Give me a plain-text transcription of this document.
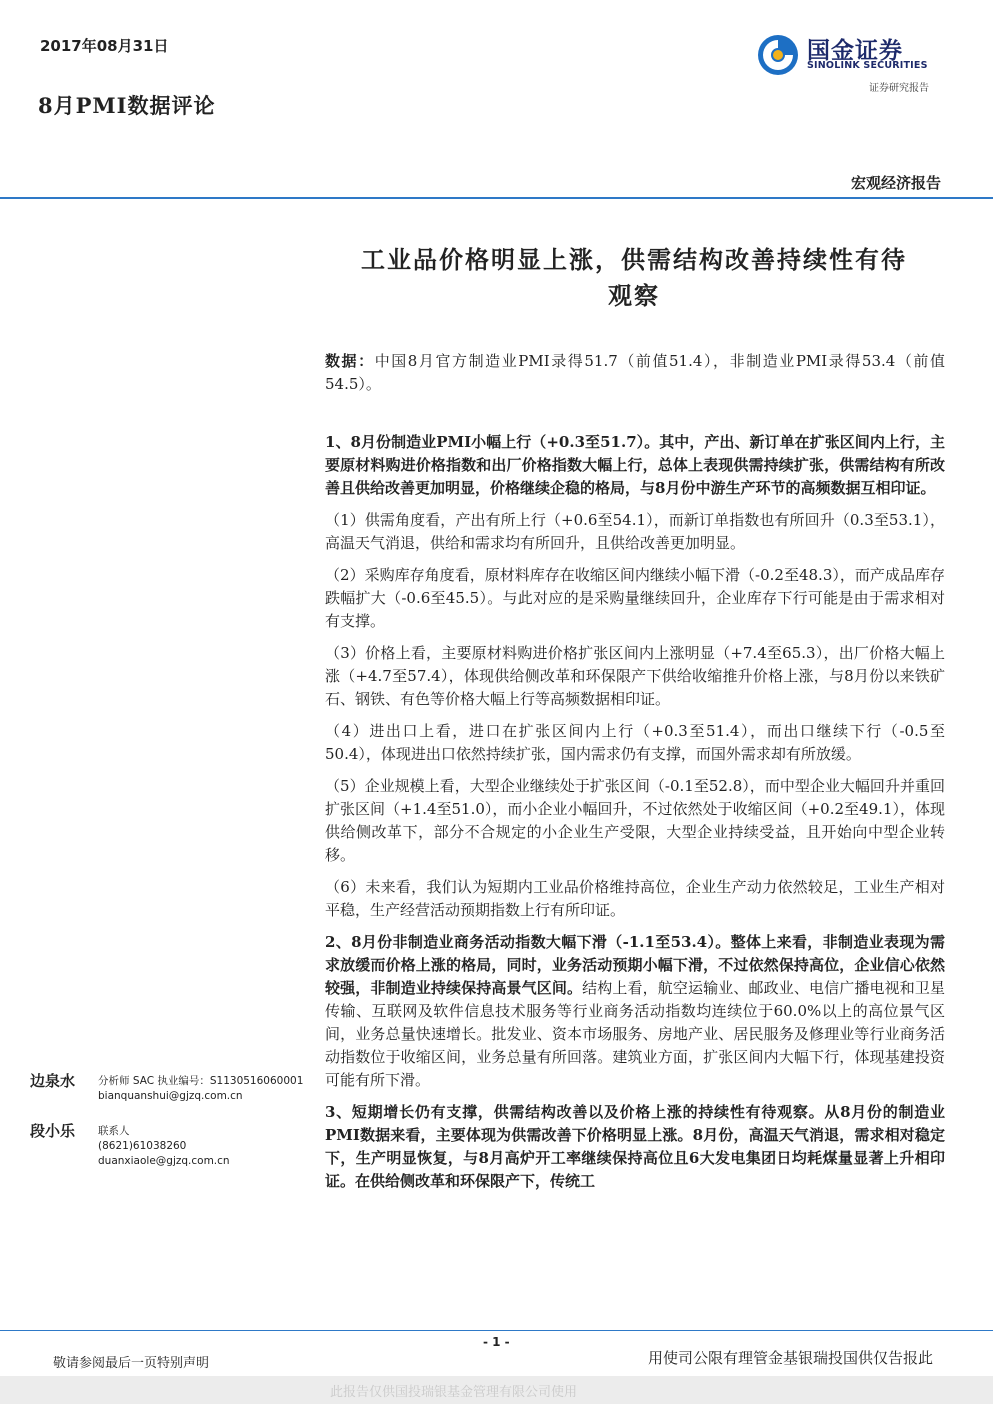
2017年08月31日
8月PMI数据评论
国金证券
SINOLINK SECURITIES
证券研究报告
宏观经济报告
工业品价格明显上涨，供需结构改善持续性有待
观察

数据：中国8月官方制造业PMI录得51.7（前值51.4），非制造业PMI录得53.4（前值54.5）。

1、8月份制造业PMI小幅上行（+0.3至51.7）。其中，产出、新订单在扩张区间内上行，主要原材料购进价格指数和出厂价格指数大幅上行，总体上表现供需持续扩张，供需结构有所改善且供给改善更加明显，价格继续企稳的格局，与8月份中游生产环节的高频数据互相印证。

（1）供需角度看，产出有所上行（+0.6至54.1），而新订单指数也有所回升（0.3至53.1），高温天气消退，供给和需求均有所回升，且供给改善更加明显。

（2）采购库存角度看，原材料库存在收缩区间内继续小幅下滑（-0.2至48.3），而产成品库存跌幅扩大（-0.6至45.5）。与此对应的是采购量继续回升，企业库存下行可能是由于需求相对有支撑。

（3）价格上看，主要原材料购进价格扩张区间内上涨明显（+7.4至65.3），出厂价格大幅上涨（+4.7至57.4），体现供给侧改革和环保限产下供给收缩推升价格上涨，与8月份以来铁矿石、钢铁、有色等价格大幅上行等高频数据相印证。

（4）进出口上看，进口在扩张区间内上行（+0.3至51.4），而出口继续下行（-0.5至50.4），体现进出口依然持续扩张，国内需求仍有支撑，而国外需求却有所放缓。

（5）企业规模上看，大型企业继续处于扩张区间（-0.1至52.8），而中型企业大幅回升并重回扩张区间（+1.4至51.0），而小企业小幅回升，不过依然处于收缩区间（+0.2至49.1），体现供给侧改革下，部分不合规定的小企业生产受限，大型企业持续受益，且开始向中型企业转移。

（6）未来看，我们认为短期内工业品价格维持高位，企业生产动力依然较足，工业生产相对平稳，生产经营活动预期指数上行有所印证。

2、8月份非制造业商务活动指数大幅下滑（-1.1至53.4）。整体上来看，非制造业表现为需求放缓而价格上涨的格局，同时，业务活动预期小幅下滑，不过依然保持高位，企业信心依然较强，非制造业持续保持高景气区间。结构上看，航空运输业、邮政业、电信广播电视和卫星传输、互联网及软件信息技术服务等行业商务活动指数均连续位于60.0%以上的高位景气区间，业务总量快速增长。批发业、资本市场服务、房地产业、居民服务及修理业等行业商务活动指数位于收缩区间，业务总量有所回落。建筑业方面，扩张区间内大幅下行，体现基建投资可能有所下滑。

3、短期增长仍有支撑，供需结构改善以及价格上涨的持续性有待观察。从8月份的制造业PMI数据来看，主要体现为供需改善下价格明显上涨。8月份，高温天气消退，需求相对稳定下，生产明显恢复，与8月高炉开工率继续保持高位且6大发电集团日均耗煤量显著上升相印证。在供给侧改革和环保限产下，传统工

边泉水 分析师 SAC 执业编号：S1130516060001
bianquanshui@gjzq.com.cn
段小乐 联系人
(8621)61038260
duanxiaole@gjzq.com.cn
- 1 -
敬请参阅最后一页特别声明	用使司公限有理管金基银瑞投国供仅告报此
此报告仅供国投瑞银基金管理有限公司使用
